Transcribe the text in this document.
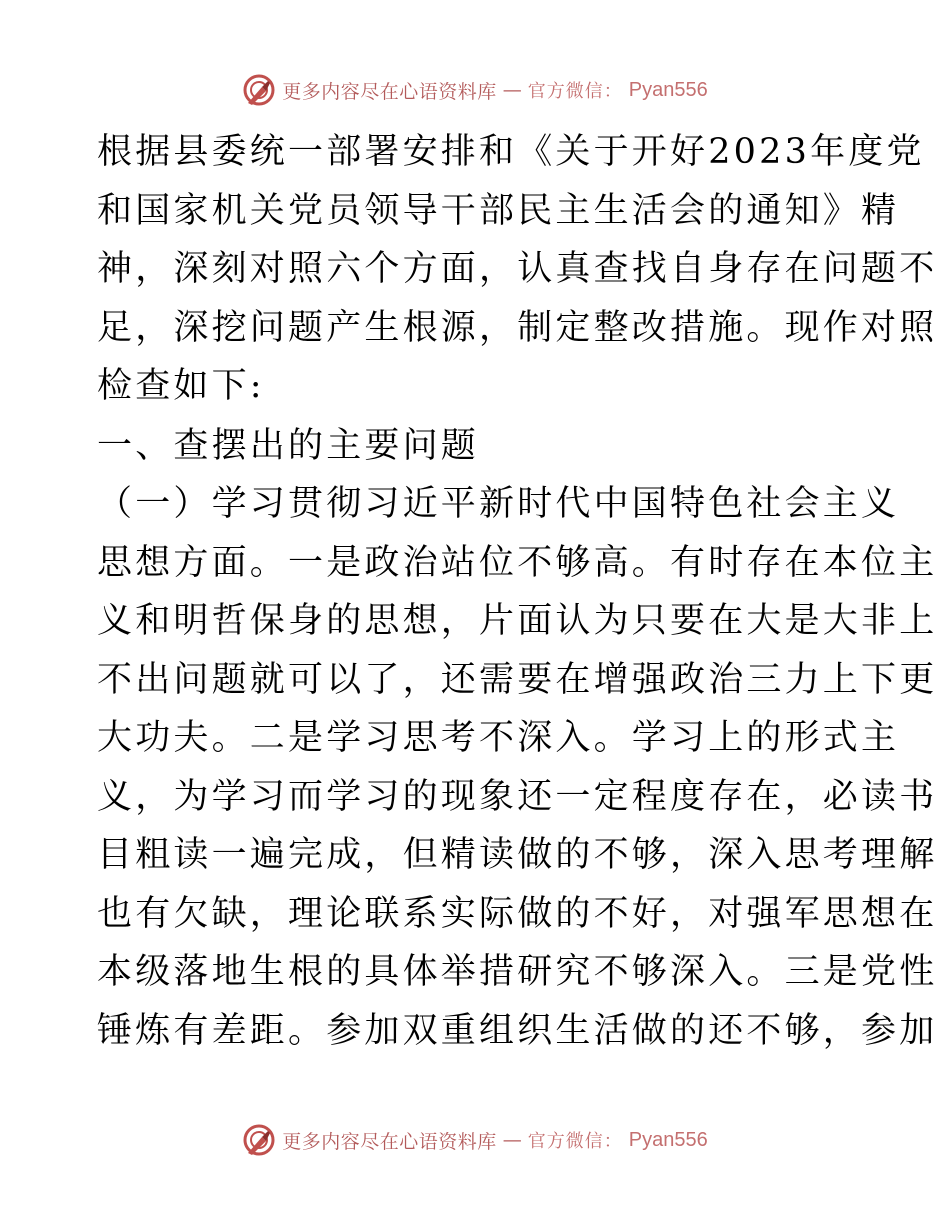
更多内容尽在心语资料库 — 官方微信： Pyan556
根据县委统一部署安排和《关于开好2023年度党
和国家机关党员领导干部民主生活会的通知》精
神，深刻对照六个方面，认真查找自身存在问题不
足，深挖问题产生根源，制定整改措施。现作对照
检查如下:
一、查摆出的主要问题
（一）学习贯彻习近平新时代中国特色社会主义
思想方面。一是政治站位不够高。有时存在本位主
义和明哲保身的思想，片面认为只要在大是大非上
不出问题就可以了，还需要在增强政治三力上下更
大功夫。二是学习思考不深入。学习上的形式主
义，为学习而学习的现象还一定程度存在，必读书
目粗读一遍完成，但精读做的不够，深入思考理解
也有欠缺，理论联系实际做的不好，对强军思想在
本级落地生根的具体举措研究不够深入。三是党性
锤炼有差距。参加双重组织生活做的还不够，参加
更多内容尽在心语资料库 — 官方微信： Pyan556
